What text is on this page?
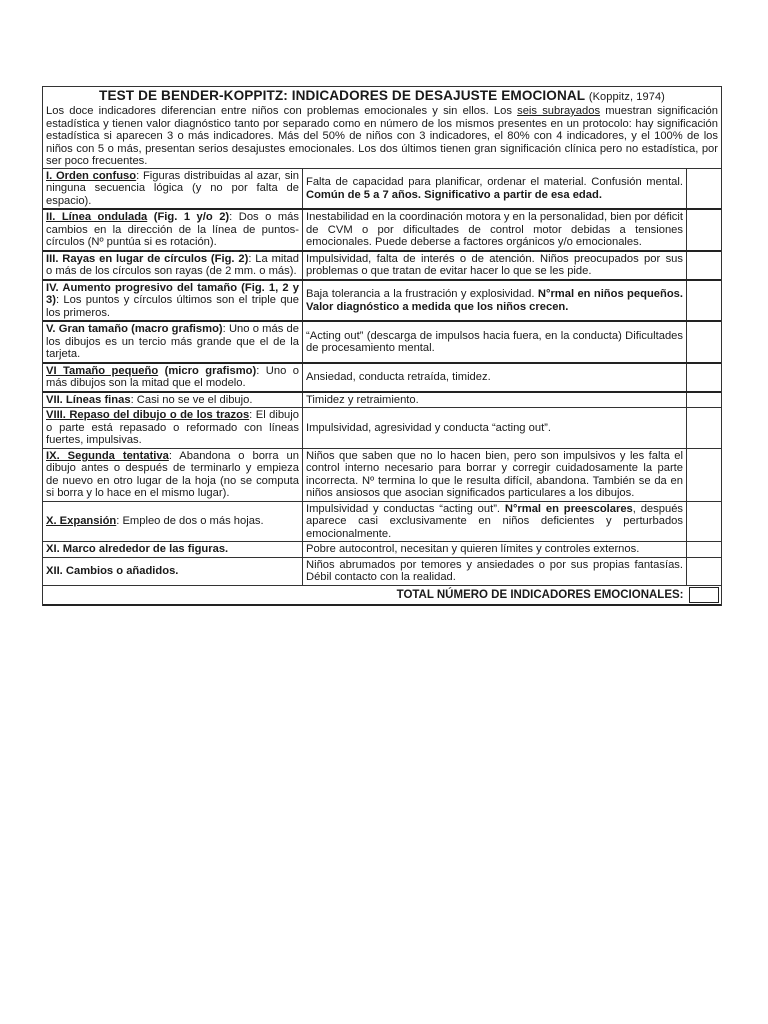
TEST DE BENDER-KOPPITZ: INDICADORES DE DESAJUSTE EMOCIONAL (Koppitz, 1974)

Los doce indicadores diferencian entre niños con problemas emocionales y sin ellos. Los seis subrayados muestran significación estadística y tienen valor diagnóstico tanto por separado como en número de los mismos presentes en un protocolo: hay significación estadística si aparecen 3 o más indicadores. Más del 50% de niños con 3 indicadores, el 80% con 4 indicadores, y el 100% de los niños con 5 o más, presentan serios desajustes emocionales. Los dos últimos tienen gran significación clínica pero no estadística, por ser poco frecuentes.

I. Orden confuso: Figuras distribuidas al azar, sin ninguna secuencia lógica (y no por falta de espacio).	Falta de capacidad para planificar, ordenar el material. Confusión mental. Común de 5 a 7 años. Significativo a partir de esa edad.	
II. Línea ondulada (Fig. 1 y/o 2): Dos o más cambios en la dirección de la línea de puntos-círculos (Nº puntúa si es rotación).	Inestabilidad en la coordinación motora y en la personalidad, bien por déficit de CVM o por dificultades de control motor debidas a tensiones emocionales. Puede deberse a factores orgánicos y/o emocionales.	
III. Rayas en lugar de círculos (Fig. 2): La mitad o más de los círculos son rayas (de 2 mm. o más).	Impulsividad, falta de interés o de atención. Niños preocupados por sus problemas o que tratan de evitar hacer lo que se les pide.	
IV. Aumento progresivo del tamaño (Fig. 1, 2 y 3): Los puntos y círculos últimos son el triple que los primeros.	Baja tolerancia a la frustración y explosividad. N°rmal en niños pequeños. Valor diagnóstico a medida que los niños crecen.	
V. Gran tamaño (macro grafismo): Uno o más de los dibujos es un tercio más grande que el de la tarjeta.	“Acting out” (descarga de impulsos hacia fuera, en la conducta) Dificultades de procesamiento mental.	
VI Tamaño pequeño (micro grafismo): Uno o más dibujos son la mitad que el modelo.	Ansiedad, conducta retraída, timidez.	
VII. Líneas finas: Casi no se ve el dibujo.	Timidez y retraimiento.	
VIII. Repaso del dibujo o de los trazos: El dibujo o parte está repasado o reformado con líneas fuertes, impulsivas.	Impulsividad, agresividad y conducta “acting out”.	
IX. Segunda tentativa: Abandona o borra un dibujo antes o después de terminarlo y empieza de nuevo en otro lugar de la hoja (no se computa si borra y lo hace en el mismo lugar).	Niños que saben que no lo hacen bien, pero son impulsivos y les falta el control interno necesario para borrar y corregir cuidadosamente la parte incorrecta. Nº termina lo que le resulta difícil, abandona. También se da en niños ansiosos que asocian significados particulares a los dibujos.	
X. Expansión: Empleo de dos o más hojas.	Impulsividad y conductas “acting out”. N°rmal en preescolares, después aparece casi exclusivamente en niños deficientes y perturbados emocionalmente.	
XI. Marco alrededor de las figuras.	Pobre autocontrol, necesitan y quieren límites y controles externos.	
XII. Cambios o añadidos.	Niños abrumados por temores y ansiedades o por sus propias fantasías. Débil contacto con la realidad.	
TOTAL NÚMERO DE INDICADORES EMOCIONALES:		
